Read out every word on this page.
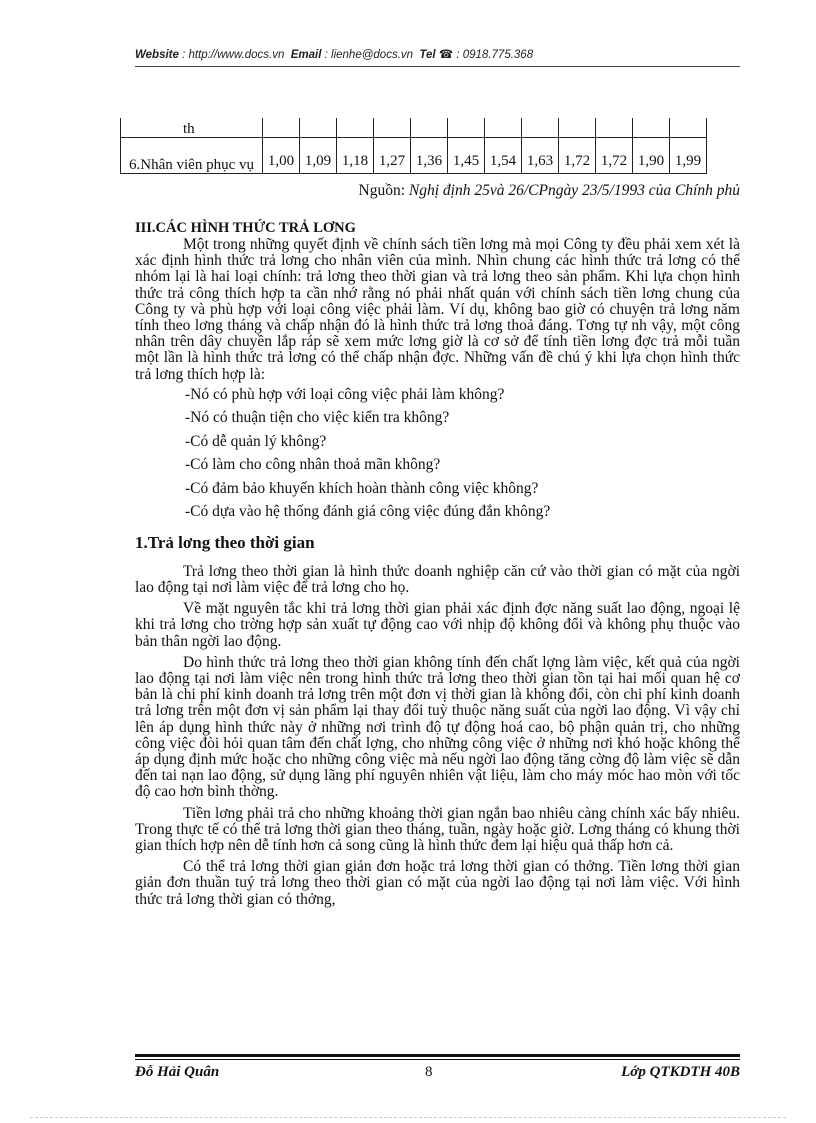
Website : http://www.docs.vn Email : lienhe@docs.vn Tel ☎ : 0918.775.368
th												
6.Nhân viên phục vụ	1,00	1,09	1,18	1,27	1,36	1,45	1,54	1,63	1,72	1,72	1,90	1,99
Nguồn: Nghị định 25và 26/CPngày 23/5/1993 của Chính phủ

III.CÁC HÌNH THỨC TRẢ LƠNG

Một trong những quyết định về chính sách tiền lơng mà mọi Công ty đều phải xem xét là xác định hình thức trả lơng cho nhân viên của mình. Nhìn chung các hình thức trả lơng có thể nhóm lại là hai loại chính: trả lơng theo thời gian và trả lơng theo sản phẩm. Khi lựa chọn hình thức trả công thích hợp ta cần nhớ rằng nó phải nhất quán với chính sách tiền lơng chung của Công ty và phù hợp với loại công việc phải làm. Ví dụ, không bao giờ có chuyện trả lơng năm tính theo lơng tháng và chấp nhận đó là hình thức trả lơng thoả đáng. Tơng tự nh vậy, một công nhân trên dây chuyền lắp ráp sẽ xem mức lơng giờ là cơ sở để tính tiền lơng đợc trả mỗi tuần một lần là hình thức trả lơng có thể chấp nhận đợc. Những vấn đề chú ý khi lựa chọn hình thức trả lơng thích hợp là:

-Nó có phù hợp với loại công việc phải làm không?
-Nó có thuận tiện cho việc kiển tra không?
-Có dễ quản lý không?
-Có làm cho công nhân thoả mãn không?
-Có đảm bảo khuyến khích hoàn thành công việc không?
-Có dựa vào hệ thống đánh giá công việc đúng đắn không?

1.Trả lơng theo thời gian

Trả lơng theo thời gian là hình thức doanh nghiệp căn cứ vào thời gian có mặt của ngời lao động tại nơi làm việc để trả lơng cho họ.

Về mặt nguyên tắc khi trả lơng thời gian phải xác định đợc năng suất lao động, ngoại lệ khi trả lơng cho trờng hợp sản xuất tự động cao với nhịp độ không đổi và không phụ thuộc vào bản thân ngời lao động.

Do hình thức trả lơng theo thời gian không tính đến chất lợng làm việc, kết quả của ngời lao động tại nơi làm việc nên trong hình thức trả lơng theo thời gian tồn tại hai mối quan hệ cơ bản là chi phí kinh doanh trả lơng trên một đơn vị thời gian là không đổi, còn chi phí kinh doanh trả lơng trên một đơn vị sản phẩm lại thay đổi tuỳ thuộc năng suất của ngời lao động. Vì vậy chỉ lên áp dụng hình thức này ở những nơi trình độ tự động hoá cao, bộ phận quản trị, cho những công việc đòi hỏi quan tâm đến chất lợng, cho những công việc ở những nơi khó hoặc không thể áp dụng định mức hoặc cho những công việc mà nếu ngời lao động tăng cờng độ làm việc sẽ dẫn đến tai nạn lao động, sử dụng lãng phí nguyên nhiên vật liệu, làm cho máy móc hao mòn với tốc độ cao hơn bình thờng.

Tiền lơng phải trả cho những khoảng thời gian ngắn bao nhiêu càng chính xác bấy nhiêu. Trong thực tế có thể trả lơng thời gian theo tháng, tuần, ngày hoặc giờ. Lơng tháng có khung thời gian thích hợp nên dễ tính hơn cả song cũng là hình thức đem lại hiệu quả thấp hơn cả.

Có thể trả lơng thời gian giản đơn hoặc trả lơng thời gian có thởng. Tiền lơng thời gian giản đơn thuần tuý trả lơng theo thời gian có mặt của ngời lao động tại nơi làm việc. Với hình thức trả lơng thời gian có thởng,

Đỗ Hải Quân	8	Lớp QTKDTH 40B
